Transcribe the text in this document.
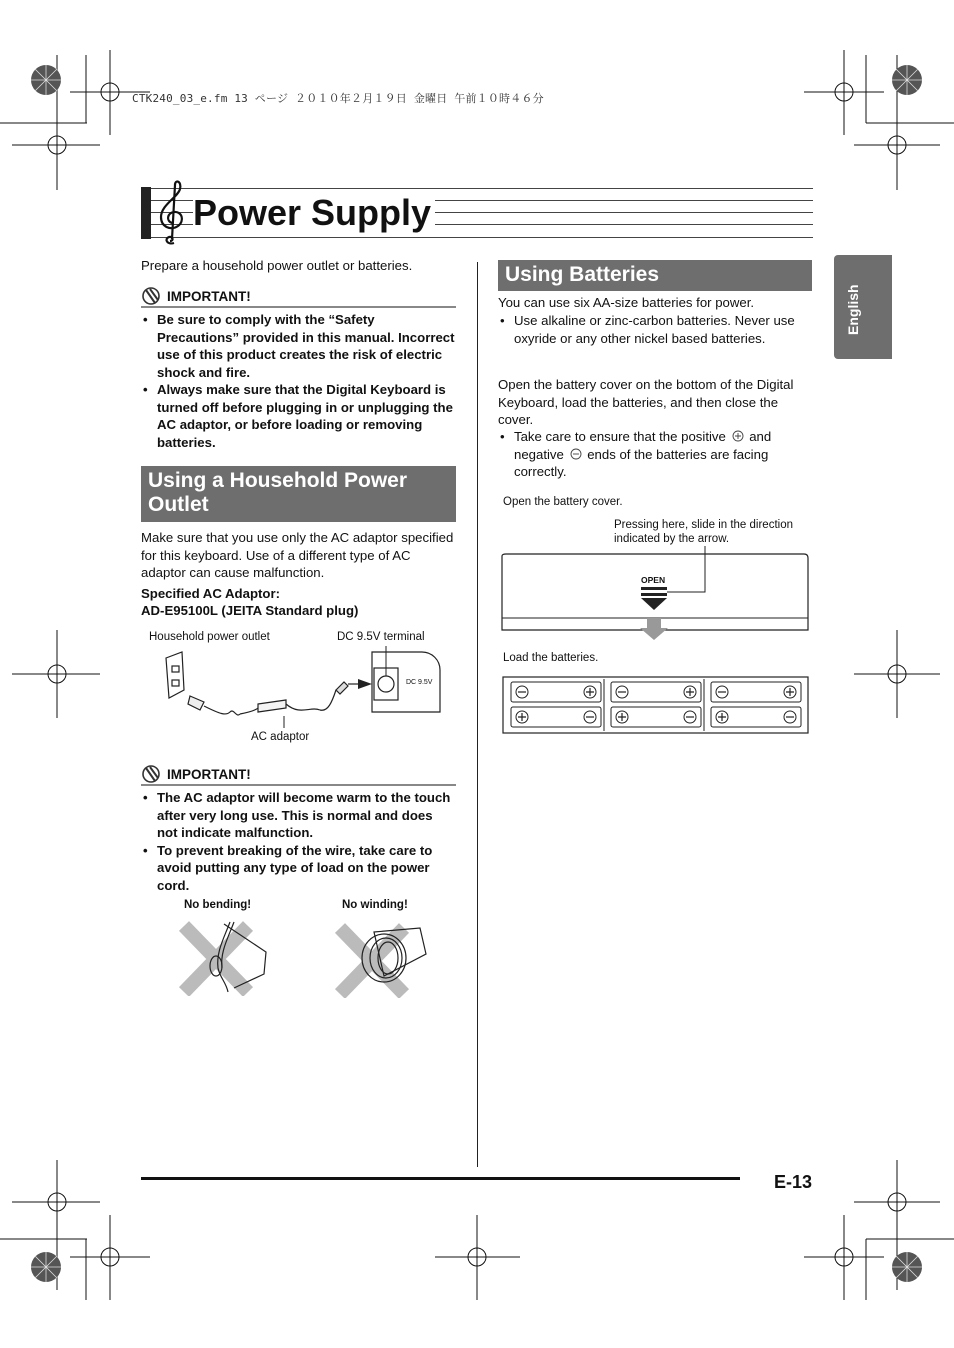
CTK240_03_e.fm 13 ページ ２０１０年２月１９日 金曜日 午前１０時４６分
Power Supply
English
Prepare a household power outlet or batteries.
IMPORTANT!
• Be sure to comply with the “Safety Precautions” provided in this manual. Incorrect use of this product creates the risk of electric shock and fire.
• Always make sure that the Digital Keyboard is turned off before plugging in or unplugging the AC adaptor, or before loading or removing batteries.
Using a Household Power Outlet
Make sure that you use only the AC adaptor specified for this keyboard. Use of a different type of AC adaptor can cause malfunction.
Specified AC Adaptor:
AD-E95100L (JEITA Standard plug)
Household power outlet	DC 9.5V terminal
DC 9.5V
AC adaptor
IMPORTANT!
• The AC adaptor will become warm to the touch after very long use. This is normal and does not indicate malfunction.
• To prevent breaking of the wire, take care to avoid putting any type of load on the power cord.
No bending!	No winding!
Using Batteries
You can use six AA-size batteries for power.
• Use alkaline or zinc-carbon batteries. Never use oxyride or any other nickel based batteries.
Open the battery cover on the bottom of the Digital Keyboard, load the batteries, and then close the cover.
• Take care to ensure that the positive and negative ends of the batteries are facing correctly.
Open the battery cover.
Pressing here, slide in the direction indicated by the arrow.
OPEN
Load the batteries.
E-13
